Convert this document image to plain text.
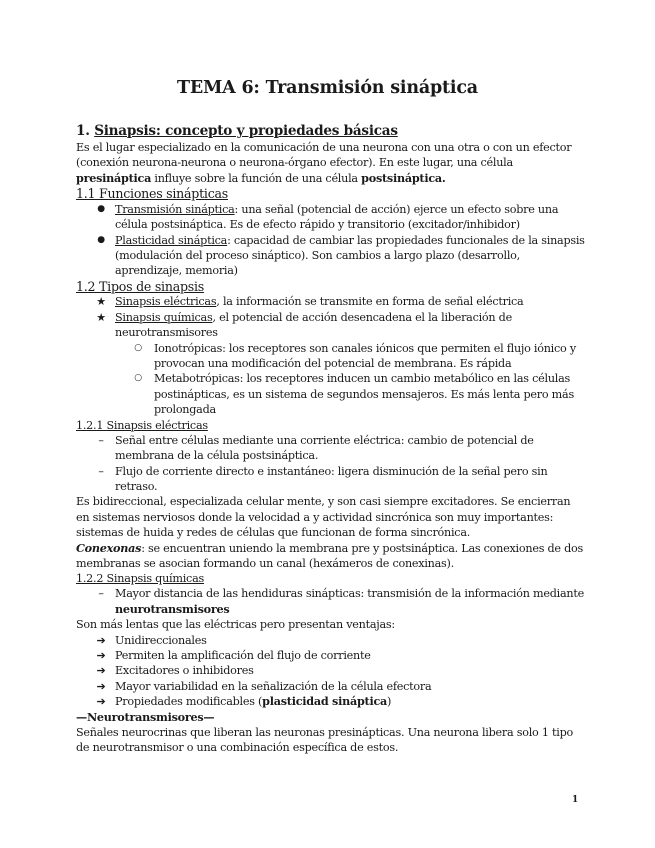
TEMA 6: Transmisión sináptica

1. Sinapsis: concepto y propiedades básicas

Es el lugar especializado en la comunicación de una neurona con una otra o con un efector (conexión neurona-neurona o neurona-órgano efector). En este lugar, una célula presináptica influye sobre la función de una célula postsináptica.

1.1 Funciones sinápticas

● Transmisión sináptica: una señal (potencial de acción) ejerce un efecto sobre una célula postsináptica. Es de efecto rápido y transitorio (excitador/inhibidor)
● Plasticidad sináptica: capacidad de cambiar las propiedades funcionales de la sinapsis (modulación del proceso sináptico). Son cambios a largo plazo (desarrollo, aprendizaje, memoria)

1.2 Tipos de sinapsis

★ Sinapsis eléctricas, la información se transmite en forma de señal eléctrica
★ Sinapsis químicas, el potencial de acción desencadena el la liberación de neurotransmisores
○ Ionotrópicas: los receptores son canales iónicos que permiten el flujo iónico y provocan una modificación del potencial de membrana. Es rápida
○ Metabotrópicas: los receptores inducen un cambio metabólico en las células postinápticas, es un sistema de segundos mensajeros. Es más lenta pero más prolongada

1.2.1 Sinapsis eléctricas

–	Señal entre células mediante una corriente eléctrica: cambio de potencial de membrana de la célula postsináptica.
–	Flujo de corriente directo e instantáneo: ligera disminución de la señal pero sin retraso.

Es bidireccional, especializada celular mente, y son casi siempre excitadores. Se encierran en sistemas nerviosos donde la velocidad a y actividad sincrónica son muy importantes: sistemas de huida y redes de células que funcionan de forma sincrónica.

Conexonas: se encuentran uniendo la membrana pre y postsináptica. Las conexiones de dos membranas se asocian formando un canal (hexámeros de conexinas).

1.2.2 Sinapsis químicas

–	Mayor distancia de las hendiduras sinápticas: transmisión de la información mediante neurotransmisores

Son más lentas que las eléctricas pero presentan ventajas:

➔ Unidireccionales
➔ Permiten la amplificación del flujo de corriente
➔ Excitadores o inhibidores
➔ Mayor variabilidad en la señalización de la célula efectora
➔ Propiedades modificables (plasticidad sináptica)

—Neurotransmisores—

Señales neurocrinas que liberan las neuronas presinápticas. Una neurona libera solo 1 tipo de neurotransmisor o una combinación específica de estos.

1
